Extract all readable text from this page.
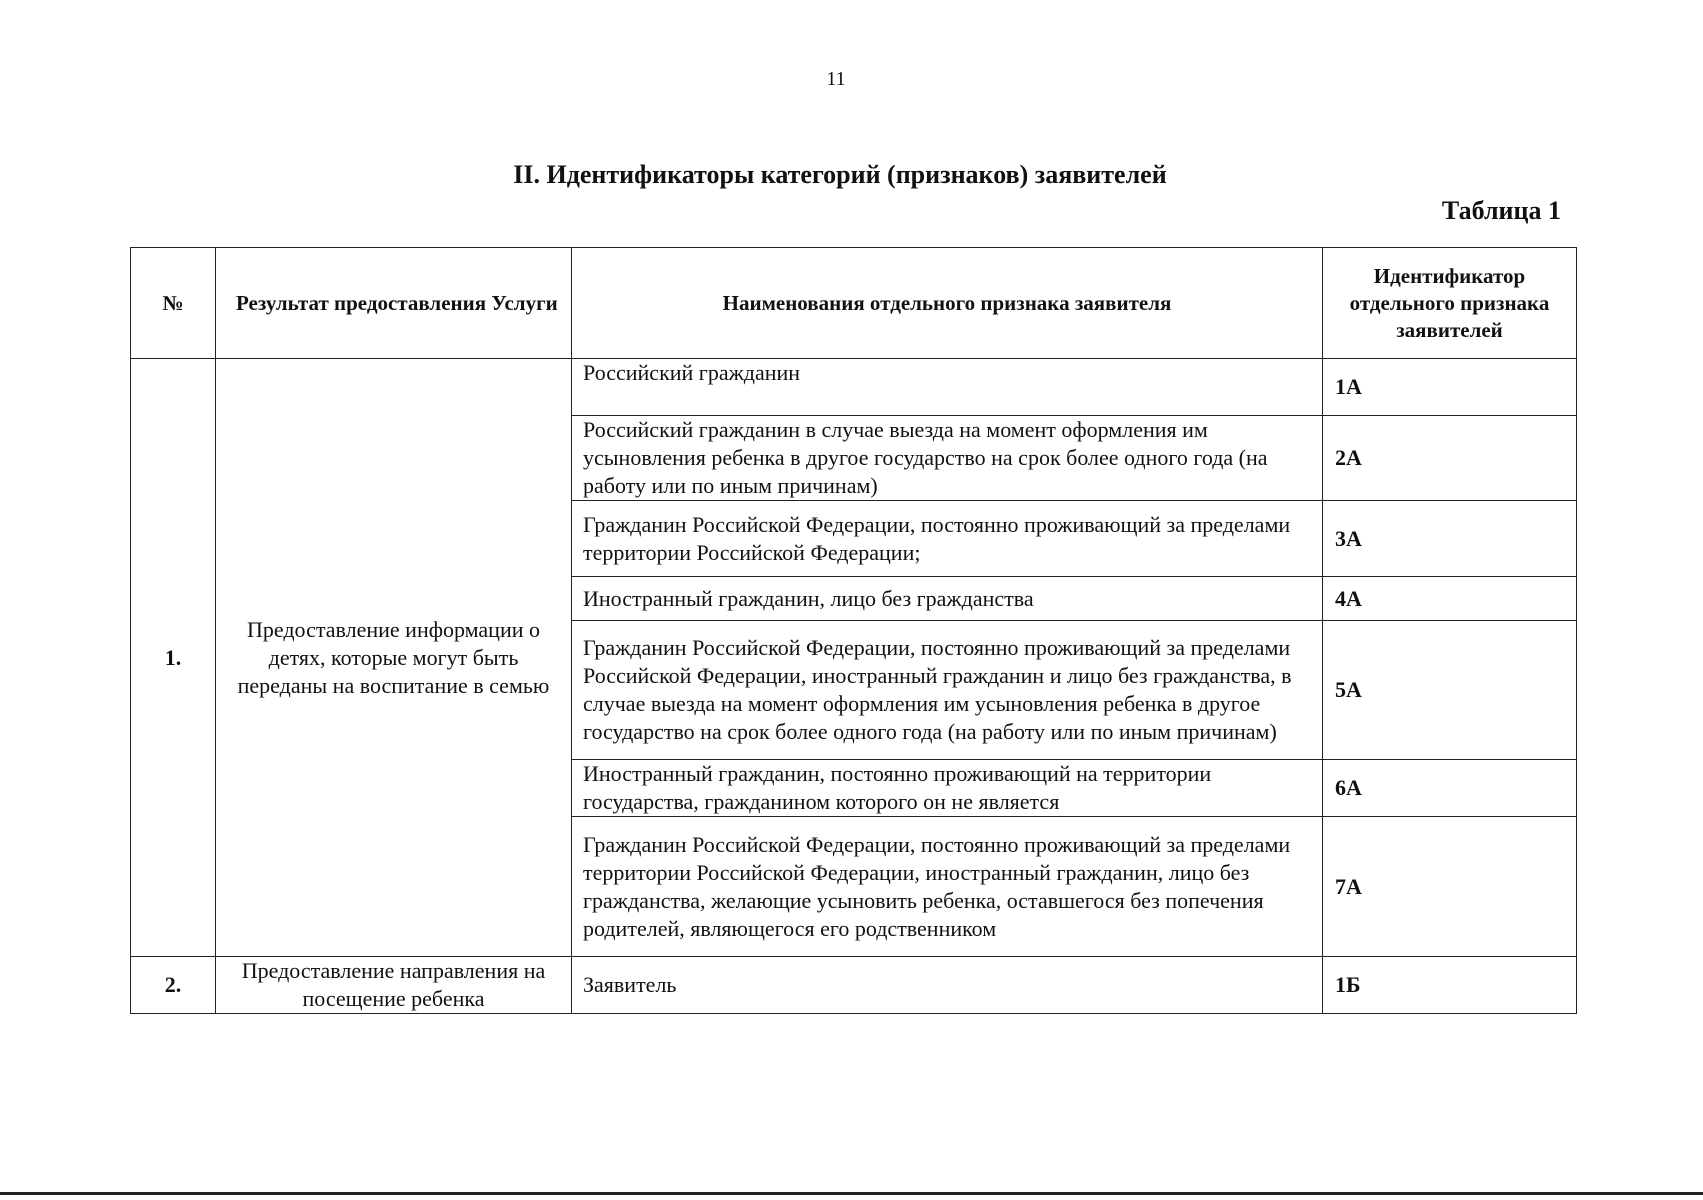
11
II. Идентификаторы категорий (признаков) заявителей
Таблица 1
№	Результат предоставления Услуги	Наименования отдельного признака заявителя	Идентификатор отдельного признака заявителей
1.	Предоставление информации о детях, которые могут быть переданы на воспитание в семью	Российский гражданин	1А
		Российский гражданин в случае выезда на момент оформления им усыновления ребенка в другое государство на срок более одного года (на работу или по иным причинам)	2А
		Гражданин Российской Федерации, постоянно проживающий за пределами территории Российской Федерации;	3А
		Иностранный гражданин, лицо без гражданства	4А
		Гражданин Российской Федерации, постоянно проживающий за пределами Российской Федерации, иностранный гражданин и лицо без гражданства, в случае выезда на момент оформления им усыновления ребенка в другое государство на срок более одного года (на работу или по иным причинам)	5А
		Иностранный гражданин, постоянно проживающий на территории государства, гражданином которого он не является	6А
		Гражданин Российской Федерации, постоянно проживающий за пределами территории Российской Федерации, иностранный гражданин, лицо без гражданства, желающие усыновить ребенка, оставшегося без попечения родителей, являющегося его родственником	7А
2.	Предоставление направления на посещение ребенка	Заявитель	1Б
